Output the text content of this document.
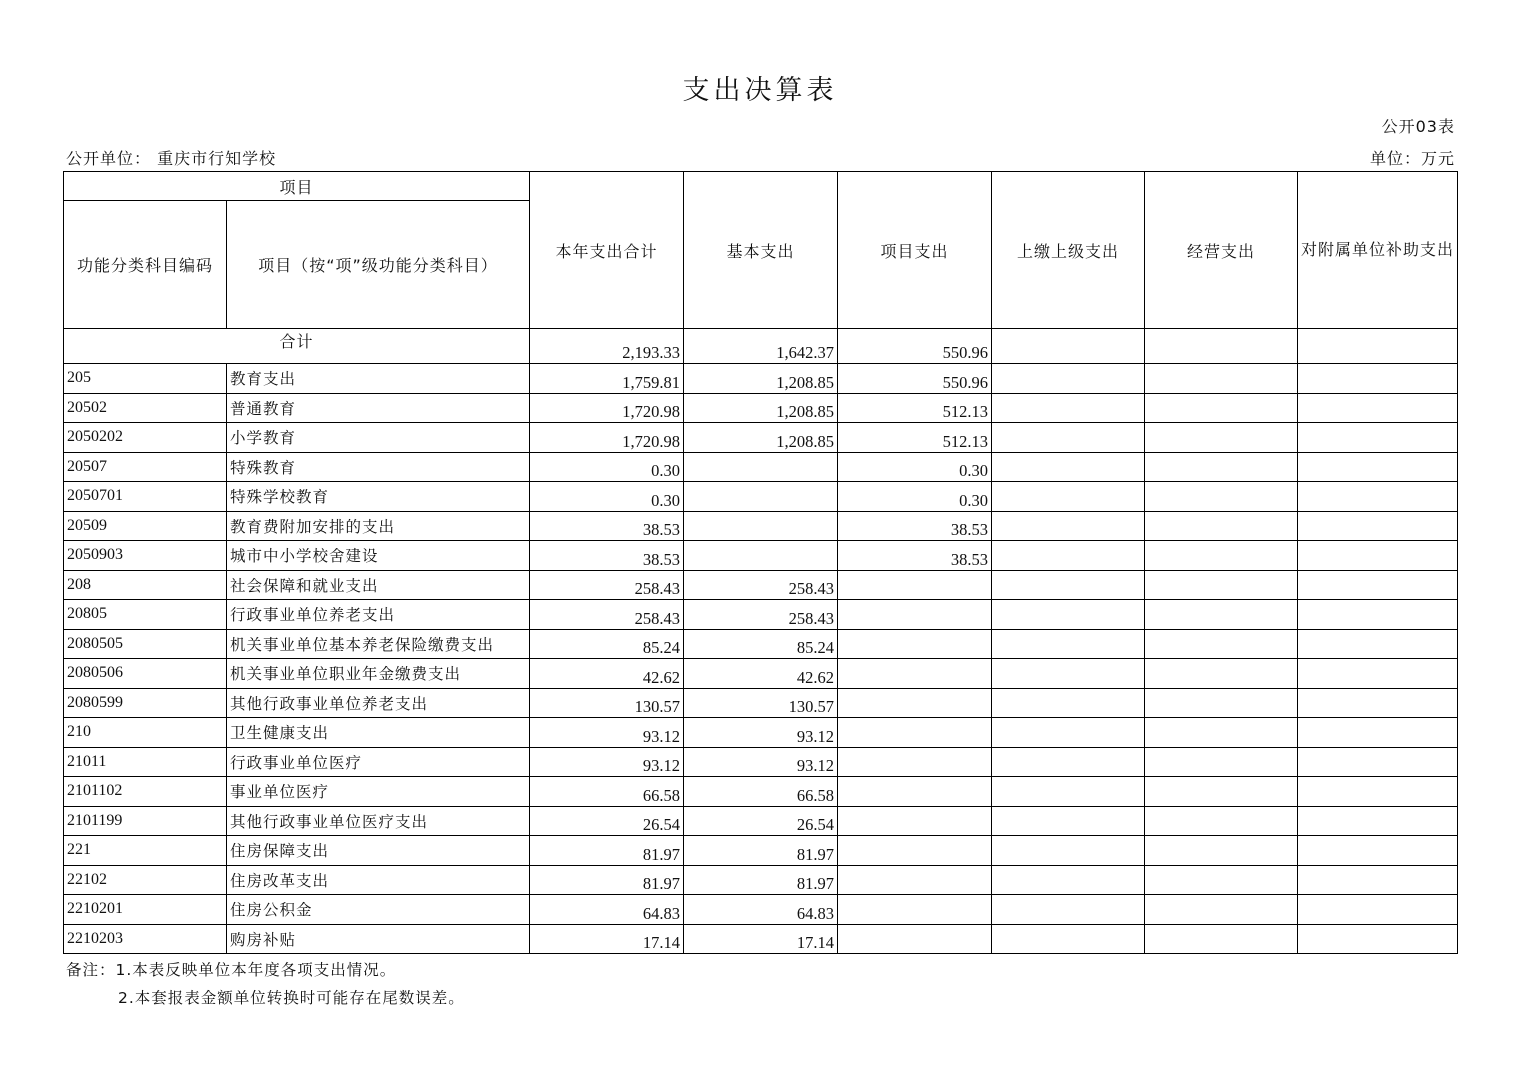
支出决算表
公开03表
公开单位： 重庆市行知学校	单位：万元
项目		本年支出合计	基本支出	项目支出	上缴上级支出	经营支出	对附属单位补助支出
功能分类科目编码	项目（按“项”级功能分类科目）						
合计		2,193.33	1,642.37	550.96			
205	教育支出	1,759.81	1,208.85	550.96			
20502	普通教育	1,720.98	1,208.85	512.13			
2050202	小学教育	1,720.98	1,208.85	512.13			
20507	特殊教育	0.30		0.30			
2050701	特殊学校教育	0.30		0.30			
20509	教育费附加安排的支出	38.53		38.53			
2050903	城市中小学校舍建设	38.53		38.53			
208	社会保障和就业支出	258.43	258.43				
20805	行政事业单位养老支出	258.43	258.43				
2080505	机关事业单位基本养老保险缴费支出	85.24	85.24				
2080506	机关事业单位职业年金缴费支出	42.62	42.62				
2080599	其他行政事业单位养老支出	130.57	130.57				
210	卫生健康支出	93.12	93.12				
21011	行政事业单位医疗	93.12	93.12				
2101102	事业单位医疗	66.58	66.58				
2101199	其他行政事业单位医疗支出	26.54	26.54				
221	住房保障支出	81.97	81.97				
22102	住房改革支出	81.97	81.97				
2210201	住房公积金	64.83	64.83				
2210203	购房补贴	17.14	17.14				
备注：1.本表反映单位本年度各项支出情况。
2.本套报表金额单位转换时可能存在尾数误差。
